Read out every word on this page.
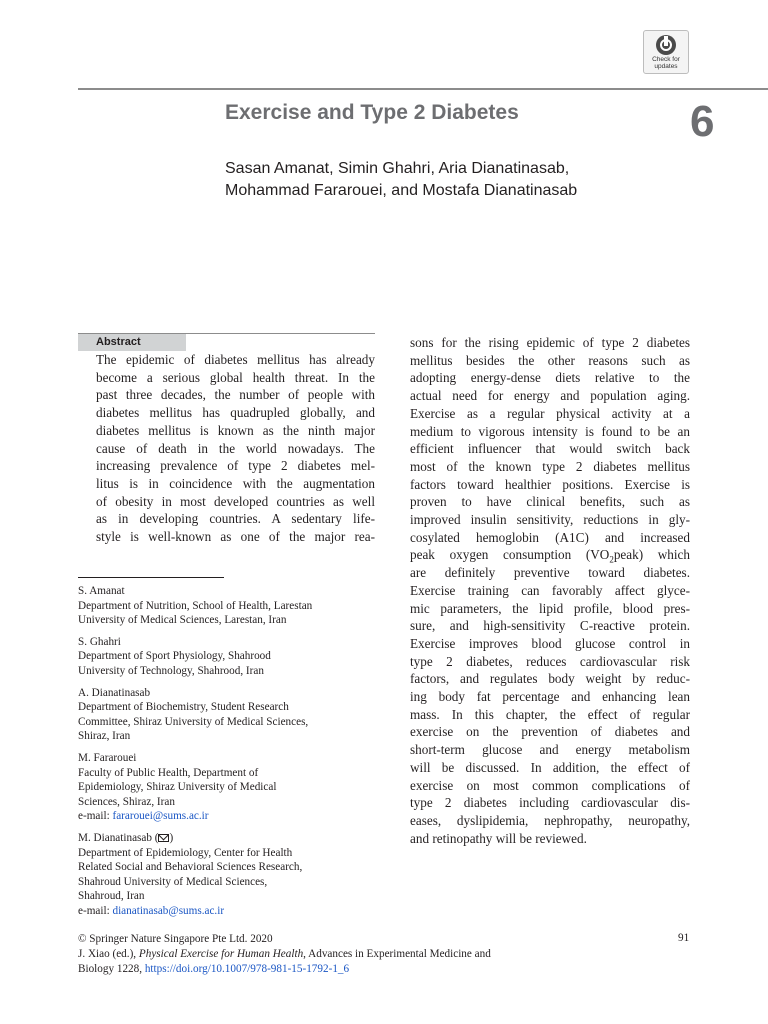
Check for
updates
Exercise and Type 2 Diabetes	6
Sasan Amanat, Simin Ghahri, Aria Dianatinasab,
Mohammad Fararouei, and Mostafa Dianatinasab
Abstract
The epidemic of diabetes mellitus has already
become a serious global health threat. In the
past three decades, the number of people with
diabetes mellitus has quadrupled globally, and
diabetes mellitus is known as the ninth major
cause of death in the world nowadays. The
increasing prevalence of type 2 diabetes mel-
litus is in coincidence with the augmentation
of obesity in most developed countries as well
as in developing countries. A sedentary life-
style is well-known as one of the major rea-
sons for the rising epidemic of type 2 diabetes
mellitus besides the other reasons such as
adopting energy-dense diets relative to the
actual need for energy and population aging.
Exercise as a regular physical activity at a
medium to vigorous intensity is found to be an
efficient influencer that would switch back
most of the known type 2 diabetes mellitus
factors toward healthier positions. Exercise is
proven to have clinical benefits, such as
improved insulin sensitivity, reductions in gly-
cosylated hemoglobin (A1C) and increased
peak oxygen consumption $(VO_2peak)$ which
are definitely preventive toward diabetes.
Exercise training can favorably affect glyce-
mic parameters, the lipid profile, blood pres-
sure, and high-sensitivity C-reactive protein.
Exercise improves blood glucose control in
type 2 diabetes, reduces cardiovascular risk
factors, and regulates body weight by reduc-
ing body fat percentage and enhancing lean
mass. In this chapter, the effect of regular
exercise on the prevention of diabetes and
short-term glucose and energy metabolism
will be discussed. In addition, the effect of
exercise on most common complications of
type 2 diabetes including cardiovascular dis-
eases, dyslipidemia, nephropathy, neuropathy,
and retinopathy will be reviewed.
S. Amanat
Department of Nutrition, School of Health, Larestan
University of Medical Sciences, Larestan, Iran
S. Ghahri
Department of Sport Physiology, Shahrood
University of Technology, Shahrood, Iran
A. Dianatinasab
Department of Biochemistry, Student Research
Committee, Shiraz University of Medical Sciences,
Shiraz, Iran
M. Fararouei
Faculty of Public Health, Department of
Epidemiology, Shiraz University of Medical
Sciences, Shiraz, Iran
e-mail: fararouei@sums.ac.ir
M. Dianatinasab ( )
Department of Epidemiology, Center for Health
Related Social and Behavioral Sciences Research,
Shahroud University of Medical Sciences,
Shahroud, Iran
e-mail: dianatinasab@sums.ac.ir
© Springer Nature Singapore Pte Ltd. 2020
J. Xiao (ed.), Physical Exercise for Human Health, Advances in Experimental Medicine and
Biology 1228, https://doi.org/10.1007/978-981-15-1792-1_6
91
